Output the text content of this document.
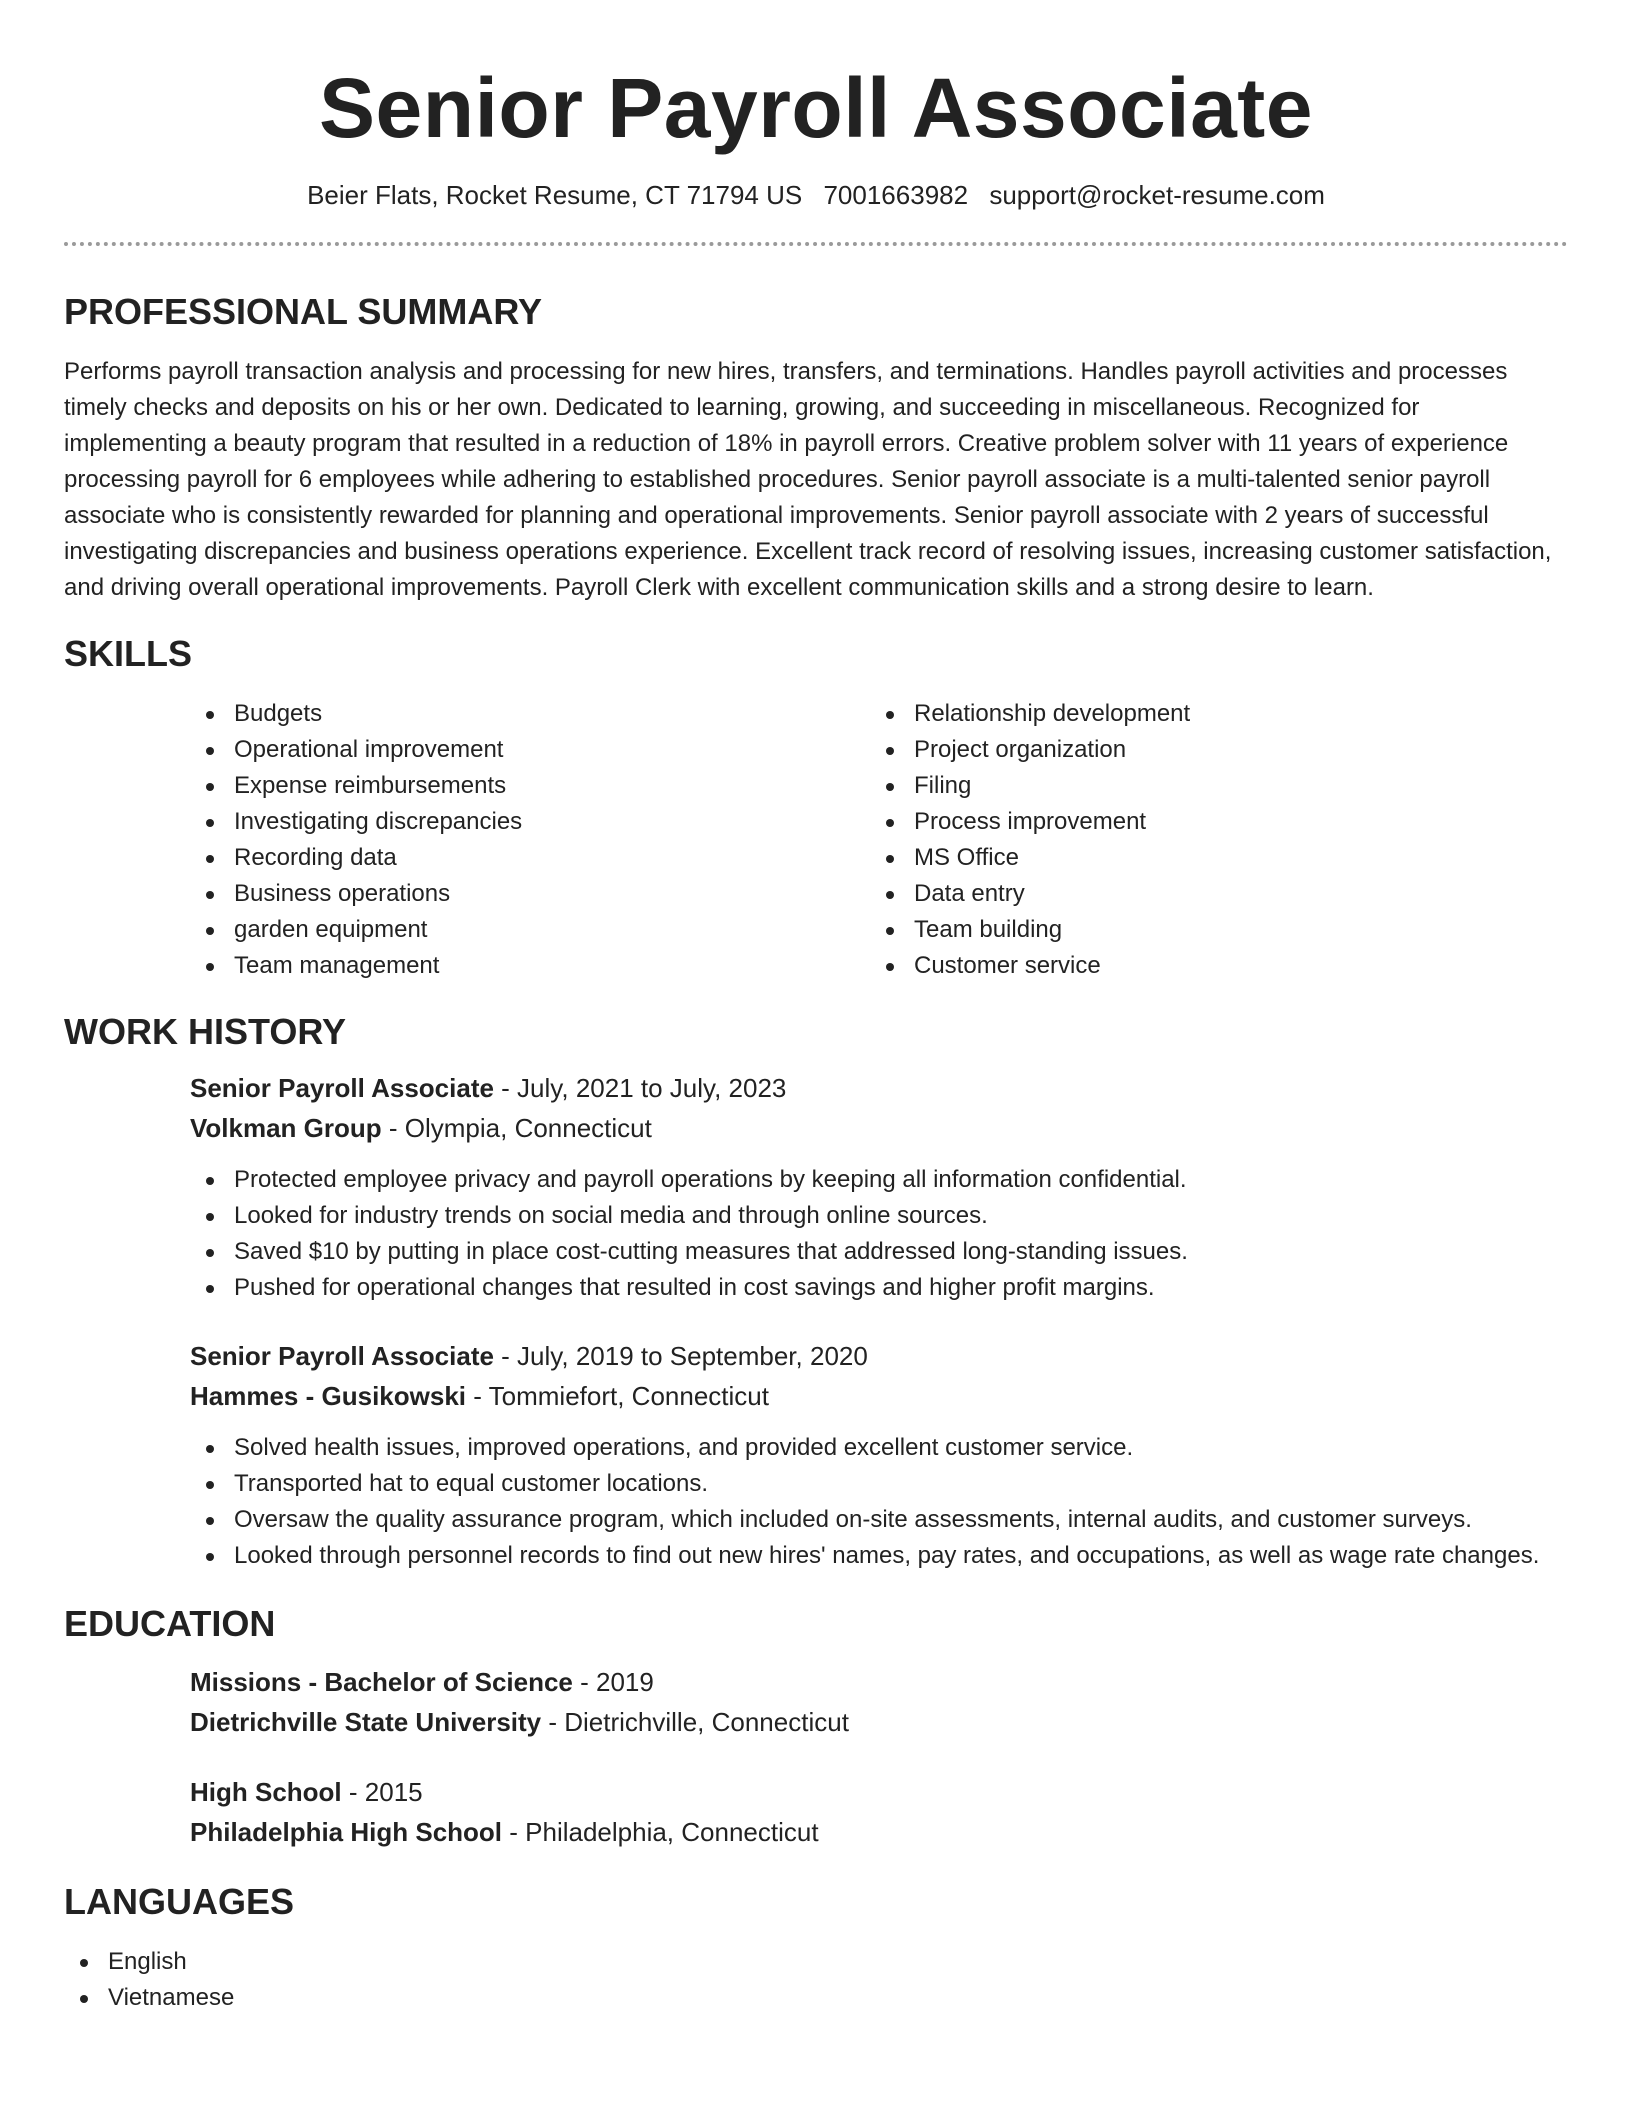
Senior Payroll Associate
Beier Flats, Rocket Resume, CT 71794 US 7001663982 support@rocket-resume.com
PROFESSIONAL SUMMARY

Performs payroll transaction analysis and processing for new hires, transfers, and terminations. Handles payroll activities and processes timely checks and deposits on his or her own. Dedicated to learning, growing, and succeeding in miscellaneous. Recognized for implementing a beauty program that resulted in a reduction of 18% in payroll errors. Creative problem solver with 11 years of experience processing payroll for 6 employees while adhering to established procedures. Senior payroll associate is a multi-talented senior payroll associate who is consistently rewarded for planning and operational improvements. Senior payroll associate with 2 years of successful investigating discrepancies and business operations experience. Excellent track record of resolving issues, increasing customer satisfaction, and driving overall operational improvements. Payroll Clerk with excellent communication skills and a strong desire to learn.

SKILLS
Budgets
Operational improvement
Expense reimbursements
Investigating discrepancies
Recording data
Business operations
garden equipment
Team management
Relationship development
Project organization
Filing
Process improvement
MS Office
Data entry
Team building
Customer service
WORK HISTORY
Senior Payroll Associate - July, 2021 to July, 2023
Volkman Group - Olympia, Connecticut
Protected employee privacy and payroll operations by keeping all information confidential.
Looked for industry trends on social media and through online sources.
Saved $10 by putting in place cost-cutting measures that addressed long-standing issues.
Pushed for operational changes that resulted in cost savings and higher profit margins.
Senior Payroll Associate - July, 2019 to September, 2020
Hammes - Gusikowski - Tommiefort, Connecticut
Solved health issues, improved operations, and provided excellent customer service.
Transported hat to equal customer locations.
Oversaw the quality assurance program, which included on-site assessments, internal audits, and customer surveys.
Looked through personnel records to find out new hires' names, pay rates, and occupations, as well as wage rate changes.
EDUCATION
Missions - Bachelor of Science - 2019
Dietrichville State University - Dietrichville, Connecticut
High School - 2015
Philadelphia High School - Philadelphia, Connecticut
LANGUAGES
English
Vietnamese
